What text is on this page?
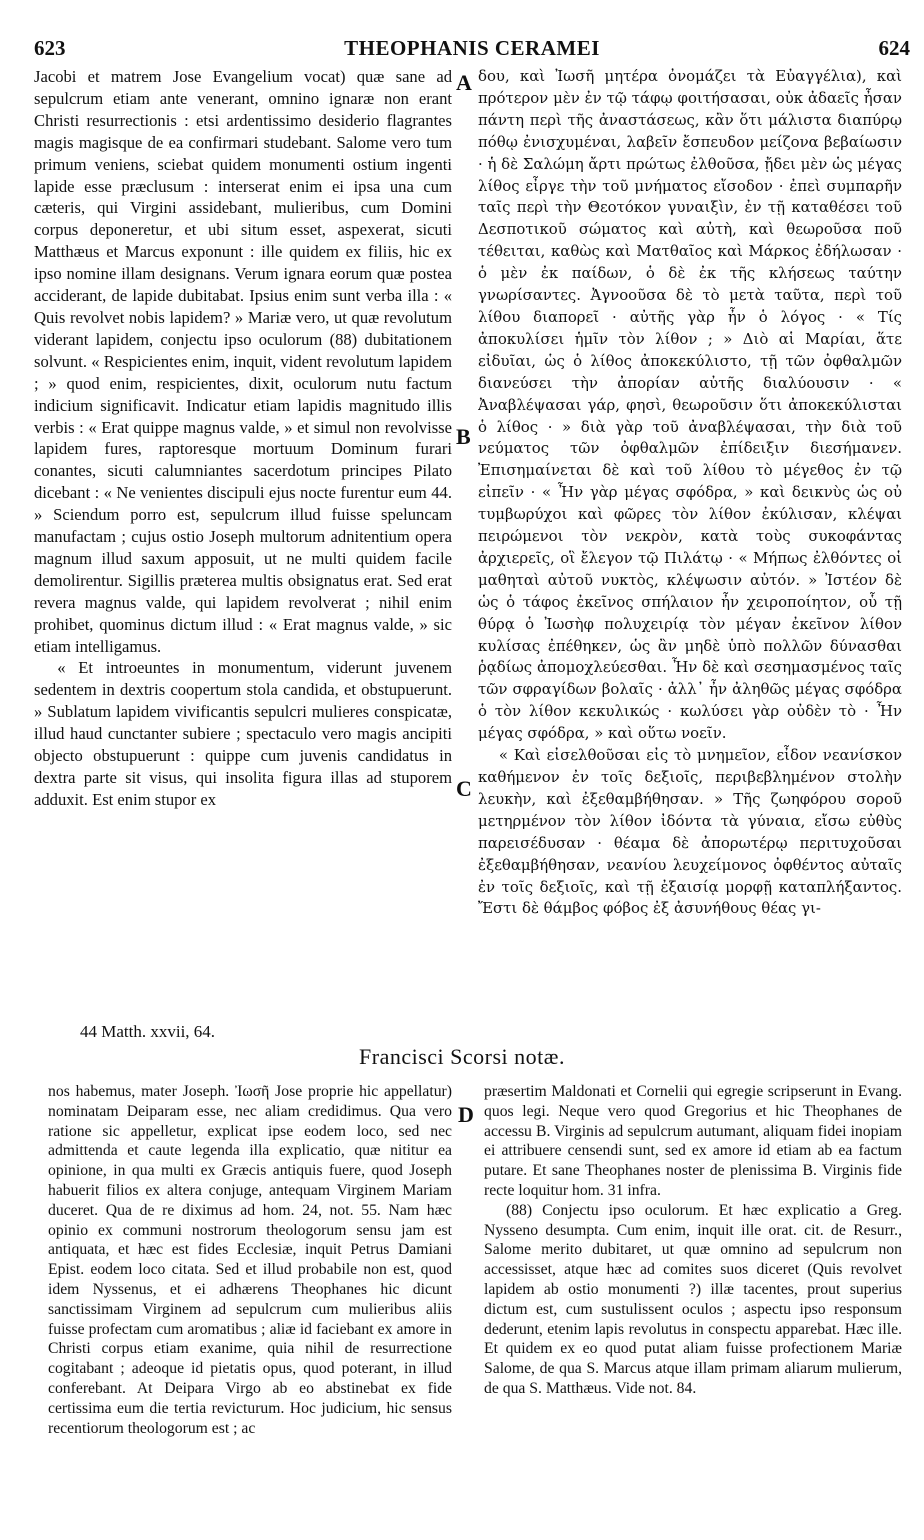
623	THEOPHANIS CERAMEI	624

Jacobi et matrem Jose Evangelium vocat) quæ sane ad sepulcrum etiam ante venerant, omnino ignaræ non erant Christi resurrectionis : etsi ardentissimo desiderio flagrantes magis magisque de ea confirmari studebant. Salome vero tum primum veniens, sciebat quidem monumenti ostium ingenti lapide esse præclusum : interserat enim ei ipsa una cum cæteris, qui Virgini assidebant, mulieribus, cum Domini corpus deponeretur, et ubi situm esset, aspexerat, sicuti Matthæus et Marcus exponunt : ille quidem ex filiis, hic ex ipso nomine illam designans. Verum ignara eorum quæ postea acciderant, de lapide dubitabat. Ipsius enim sunt verba illa : « Quis revolvet nobis lapidem? » Mariæ vero, ut quæ revolutum viderant lapidem, conjectu ipso oculorum (88) dubitationem solvunt. « Respicientes enim, inquit, vident revolutum lapidem ; » quod enim, respicientes, dixit, oculorum nutu factum indicium significavit. Indicatur etiam lapidis magnitudo illis verbis : « Erat quippe magnus valde, » et simul non revolvisse lapidem fures, raptoresque mortuum Dominum furari conantes, sicuti calumniantes sacerdotum principes Pilato dicebant : « Ne venientes discipuli ejus nocte furentur eum 44. » Sciendum porro est, sepulcrum illud fuisse speluncam manufactam ; cujus ostio Joseph multorum adnitentium opera magnum illud saxum apposuit, ut ne multi quidem facile demolirentur. Sigillis præterea multis obsignatus erat. Sed erat revera magnus valde, qui lapidem revolverat ; nihil enim prohibet, quominus dictum illud : « Erat magnus valde, » sic etiam intelligamus.

« Et introeuntes in monumentum, viderunt juvenem sedentem in dextris coopertum stola candida, et obstupuerunt. » Sublatum lapidem vivificantis sepulcri mulieres conspicatæ, illud haud cunctanter subiere ; spectaculo vero magis ancipiti objecto obstupuerunt : quippe cum juvenis candidatus in dextra parte sit visus, qui insolita figura illas ad stuporem adduxit. Est enim stupor ex

A
B
C
D

δου, καὶ Ἰωσῆ μητέρα ὀνομάζει τὰ Εὐαγγέλια), καὶ πρότερον μὲν ἐν τῷ τάφῳ φοιτήσασαι, οὐκ ἀδαεῖς ἦσαν πάντη περὶ τῆς ἀναστάσεως, κἂν ὅτι μάλιστα διαπύρῳ πόθῳ ἐνισχυμέναι, λαβεῖν ἔσπευδον μείζονα βεβαίωσιν · ἡ δὲ Σαλώμη ἄρτι πρώτως ἐλθοῦσα, ᾔδει μὲν ὡς μέγας λίθος εἶργε τὴν τοῦ μνήματος εἴσοδον · ἐπεὶ συμπαρῆν ταῖς περὶ τὴν Θεοτόκον γυναιξὶν, ἐν τῇ καταθέσει τοῦ Δεσποτικοῦ σώματος καὶ αὐτὴ, καὶ θεωροῦσα ποῦ τέθειται, καθὼς καὶ Ματθαῖος καὶ Μάρκος ἐδήλωσαν · ὁ μὲν ἐκ παίδων, ὁ δὲ ἐκ τῆς κλήσεως ταύτην γνωρίσαντες. Ἀγνοοῦσα δὲ τὸ μετὰ ταῦτα, περὶ τοῦ λίθου διαπορεῖ · αὐτῆς γὰρ ἦν ὁ λόγος · « Τίς ἀποκυλίσει ἡμῖν τὸν λίθον ; » Διὸ αἱ Μαρίαι, ἅτε εἰδυῖαι, ὡς ὁ λίθος ἀποκεκύλιστο, τῇ τῶν ὀφθαλμῶν διανεύσει τὴν ἀπορίαν αὐτῆς διαλύουσιν · « Ἀναβλέψασαι γάρ, φησὶ, θεωροῦσιν ὅτι ἀποκεκύλισται ὁ λίθος · » διὰ γὰρ τοῦ ἀναβλέψασαι, τὴν διὰ τοῦ νεύματος τῶν ὀφθαλμῶν ἐπίδειξιν διεσήμανεν. Ἐπισημαίνεται δὲ καὶ τοῦ λίθου τὸ μέγεθος ἐν τῷ εἰπεῖν · « Ἦν γὰρ μέγας σφόδρα, » καὶ δεικνὺς ὡς οὐ τυμβωρύχοι καὶ φῶρες τὸν λίθον ἐκύλισαν, κλέψαι πειρώμενοι τὸν νεκρὸν, κατὰ τοὺς συκοφάντας ἀρχιερεῖς, οἳ ἔλεγον τῷ Πιλάτῳ · « Μήπως ἐλθόντες οἱ μαθηταὶ αὐτοῦ νυκτὸς, κλέψωσιν αὐτόν. » Ἰστέον δὲ ὡς ὁ τάφος ἐκεῖνος σπήλαιον ἦν χειροποίητον, οὗ τῇ θύρᾳ ὁ Ἰωσὴφ πολυχειρίᾳ τὸν μέγαν ἐκεῖνον λίθον κυλίσας ἐπέθηκεν, ὡς ἂν μηδὲ ὑπὸ πολλῶν δύνασθαι ῥᾳδίως ἀπομοχλεύεσθαι. Ἦν δὲ καὶ σεσημασμένος ταῖς τῶν σφραγίδων βολαῖς · ἀλλ᾽ ἦν ἀληθῶς μέγας σφόδρα ὁ τὸν λίθον κεκυλικώς · κωλύσει γὰρ οὐδὲν τὸ · Ἦν μέγας σφόδρα, » καὶ οὕτω νοεῖν.

« Καὶ εἰσελθοῦσαι εἰς τὸ μνημεῖον, εἶδον νεανίσκον καθήμενον ἐν τοῖς δεξιοῖς, περιβεβλημένον στολὴν λευκὴν, καὶ ἐξεθαμβήθησαν. » Τῆς ζωηφόρου σοροῦ μετηρμένον τὸν λίθον ἰδόντα τὰ γύναια, εἴσω εὐθὺς παρεισέδυσαν · θέαμα δὲ ἀπορωτέρῳ περιτυχοῦσαι ἐξεθαμβήθησαν, νεανίου λευχείμονος ὀφθέντος αὐταῖς ἐν τοῖς δεξιοῖς, καὶ τῇ ἐξαισίᾳ μορφῇ καταπλήξαντος. Ἔστι δὲ θάμβος φόβος ἐξ ἀσυνήθους θέας γι-

44 Matth. xxvii, 64.
Francisci Scorsi notæ.

nos habemus, mater Joseph. Ἰωσῆ Jose proprie hic appellatur) nominatam Deiparam esse, nec aliam credidimus. Qua vero ratione sic appelletur, explicat ipse eodem loco, sed nec admittenda et caute legenda illa explicatio, quæ nititur ea opinione, in qua multi ex Græcis antiquis fuere, quod Joseph habuerit filios ex altera conjuge, antequam Virginem Mariam duceret. Qua de re diximus ad hom. 24, not. 55. Nam hæc opinio ex communi nostrorum theologorum sensu jam est antiquata, et hæc est fides Ecclesiæ, inquit Petrus Damiani Epist. eodem loco citata. Sed et illud probabile non est, quod idem Nyssenus, et ei adhærens Theophanes hic dicunt sanctissimam Virginem ad sepulcrum cum mulieribus aliis fuisse profectam cum aromatibus ; aliæ id faciebant ex amore in Christi corpus etiam exanime, quia nihil de resurrectione cogitabant ; adeoque id pietatis opus, quod poterant, in illud conferebant. At Deipara Virgo ab eo abstinebat ex fide certissima eum die tertia revicturum. Hoc judicium, hic sensus recentiorum theologorum est ; ac

præsertim Maldonati et Cornelii qui egregie scripserunt in Evang. quos legi. Neque vero quod Gregorius et hic Theophanes de accessu B. Virginis ad sepulcrum autumant, aliquam fidei inopiam ei attribuere censendi sunt, sed ex amore id etiam ab ea factum putare. Et sane Theophanes noster de plenissima B. Virginis fide recte loquitur hom. 31 infra.

(88) Conjectu ipso oculorum. Et hæc explicatio a Greg. Nysseno desumpta. Cum enim, inquit ille orat. cit. de Resurr., Salome merito dubitaret, ut quæ omnino ad sepulcrum non accessisset, atque hæc ad comites suos diceret (Quis revolvet lapidem ab ostio monumenti ?) illæ tacentes, prout superius dictum est, cum sustulissent oculos ; aspectu ipso responsum dederunt, etenim lapis revolutus in conspectu apparebat. Hæc ille. Et quidem ex eo quod putat aliam fuisse profectionem Mariæ Salome, de qua S. Marcus atque illam primam aliarum mulierum, de qua S. Matthæus. Vide not. 84.
